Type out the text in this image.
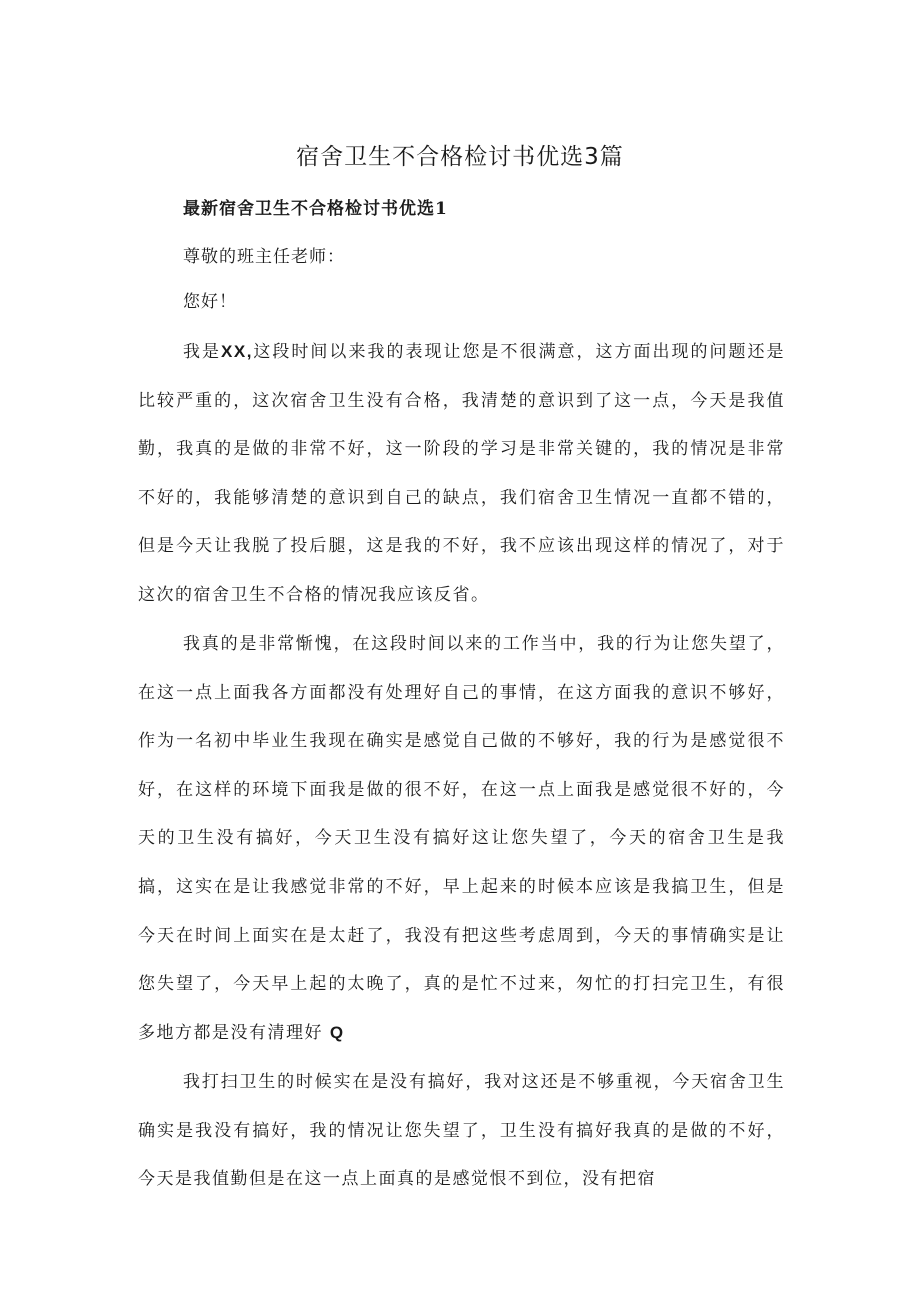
宿舍卫生不合格检讨书优选3篇
最新宿舍卫生不合格检讨书优选1

尊敬的班主任老师：

您好！

我是XX,这段时间以来我的表现让您是不很满意，这方面出现的问题还是比较严重的，这次宿舍卫生没有合格，我清楚的意识到了这一点，今天是我值勤，我真的是做的非常不好，这一阶段的学习是非常关键的，我的情况是非常不好的，我能够清楚的意识到自己的缺点，我们宿舍卫生情况一直都不错的，但是今天让我脱了投后腿，这是我的不好，我不应该出现这样的情况了，对于这次的宿舍卫生不合格的情况我应该反省。

我真的是非常惭愧，在这段时间以来的工作当中，我的行为让您失望了，在这一点上面我各方面都没有处理好自己的事情，在这方面我的意识不够好，作为一名初中毕业生我现在确实是感觉自己做的不够好，我的行为是感觉很不好，在这样的环境下面我是做的很不好，在这一点上面我是感觉很不好的，今天的卫生没有搞好，今天卫生没有搞好这让您失望了，今天的宿舍卫生是我搞，这实在是让我感觉非常的不好，早上起来的时候本应该是我搞卫生，但是今天在时间上面实在是太赶了，我没有把这些考虑周到，今天的事情确实是让您失望了，今天早上起的太晚了，真的是忙不过来，匆忙的打扫完卫生，有很多地方都是没有清理好 Q

我打扫卫生的时候实在是没有搞好，我对这还是不够重视，今天宿舍卫生确实是我没有搞好，我的情况让您失望了，卫生没有搞好我真的是做的不好，今天是我值勤但是在这一点上面真的是感觉恨不到位，没有把宿
